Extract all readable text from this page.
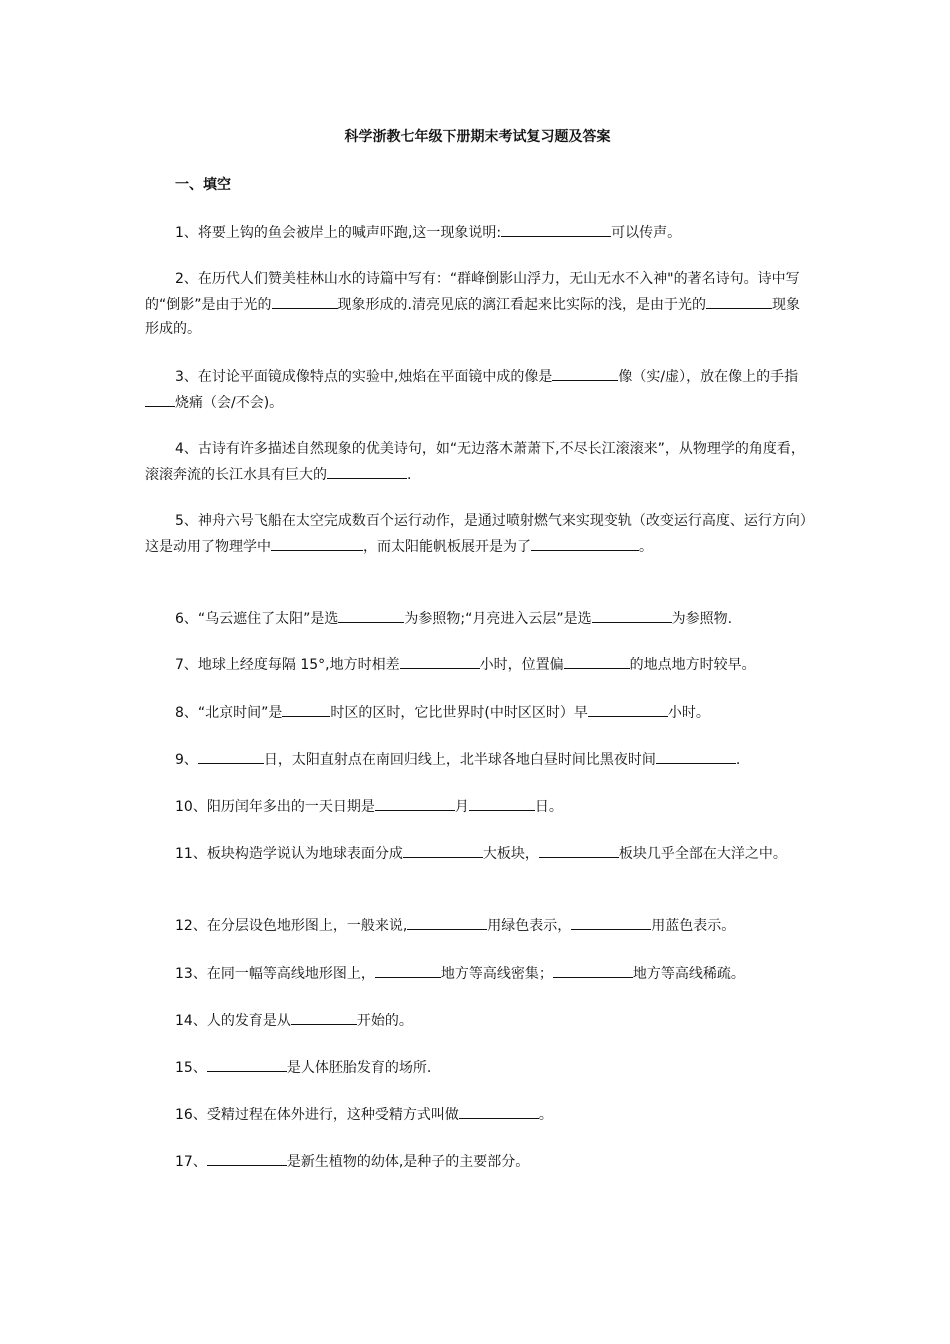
科学浙教七年级下册期末考试复习题及答案
一、填空
1、将要上钩的鱼会被岸上的喊声吓跑,这一现象说明:	可以传声。
2、在历代人们赞美桂林山水的诗篇中写有：“群峰倒影山浮力，无山无水不入神"的著名诗句。诗中写的“倒影”是由于光的	现象形成的.清亮见底的漓江看起来比实际的浅，是由于光的	现象形成的。
3、在讨论平面镜成像特点的实验中,烛焰在平面镜中成的像是	像（实/虚），放在像上的手指烧痛（会/不会)。
4、古诗有许多描述自然现象的优美诗句，如“无边落木萧萧下,不尽长江滚滚来”，从物理学的角度看，滚滚奔流的长江水具有巨大的	.
5、神舟六号飞船在太空完成数百个运行动作，是通过喷射燃气来实现变轨（改变运行高度、运行方向）这是动用了物理学中	，而太阳能帆板展开是为了	。
6、“乌云遮住了太阳”是选	为参照物;“月亮进入云层”是选	为参照物.
7、地球上经度每隔 15°,地方时相差	小时，位置偏	的地点地方时较早。
8、“北京时间”是	时区的区时，它比世界时(中时区区时）早	小时。
9、	日，太阳直射点在南回归线上，北半球各地白昼时间比黑夜时间	.
10、阳历闰年多出的一天日期是	月	日。
11、板块构造学说认为地球表面分成	大板块，	板块几乎全部在大洋之中。
12、在分层设色地形图上，一般来说,	用绿色表示，	用蓝色表示。
13、在同一幅等高线地形图上，	地方等高线密集；	地方等高线稀疏。
14、人的发育是从	开始的。
15、	是人体胚胎发育的场所.
16、受精过程在体外进行，这种受精方式叫做	。
17、	是新生植物的幼体,是种子的主要部分。
